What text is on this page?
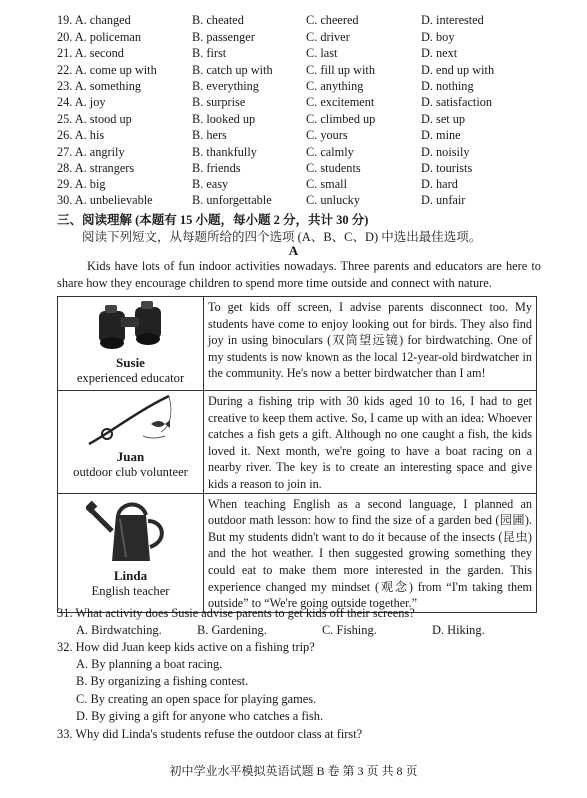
19. A. changed	B. cheated	C. cheered	D. interested
20. A. policeman	B. passenger	C. driver	D. boy
21. A. second	B. first	C. last	D. next
22. A. come up with	B. catch up with	C. fill up with	D. end up with
23. A. something	B. everything	C. anything	D. nothing
24. A. joy	B. surprise	C. excitement	D. satisfaction
25. A. stood up	B. looked up	C. climbed up	D. set up
26. A. his	B. hers	C. yours	D. mine
27. A. angrily	B. thankfully	C. calmly	D. noisily
28. A. strangers	B. friends	C. students	D. tourists
29. A. big	B. easy	C. small	D. hard
30. A. unbelievable	B. unforgettable	C. unlucky	D. unfair
三、阅读理解 (本题有 15 小题，每小题 2 分，共计 30 分)
阅读下列短文，从每题所给的四个选项 (A、B、C、D) 中选出最佳选项。
A
Kids have lots of fun indoor activities nowadays. Three parents and educators are here to share how they encourage children to spend more time outside and connect with nature.
Susie
experienced educator	To get kids off screen, I advise parents disconnect too. My students have come to enjoy looking out for birds. They also find joy in using binoculars (双筒望远镜) for birdwatching. One of my students is now known as the local 12-year-old birdwatcher in the community. He's now a better birdwatcher than I am!

Juan
outdoor club volunteer	During a fishing trip with 30 kids aged 10 to 16, I had to get creative to keep them active. So, I came up with an idea: Whoever catches a fish gets a gift. Although no one caught a fish, the kids loved it. Next month, we're going to have a boat racing on a nearby river. The key is to create an interesting space and give kids a reason to join in.

Linda
English teacher	When teaching English as a second language, I planned an outdoor math lesson: how to find the size of a garden bed (园圃). But my students didn't want to do it because of the insects (昆虫) and the hot weather. I then suggested growing something they could eat to make them more interested in the garden. This experience changed my mindset (观念) from “I'm taking them outside” to “We're going outside together.”
31. What activity does Susie advise parents to get kids off their screens?
A. Birdwatching.	B. Gardening.	C. Fishing.	D. Hiking.
32. How did Juan keep kids active on a fishing trip?
A. By planning a boat racing.
B. By organizing a fishing contest.
C. By creating an open space for playing games.
D. By giving a gift for anyone who catches a fish.
33. Why did Linda's students refuse the outdoor class at first?
初中学业水平模拟英语试题 B 卷 第 3 页 共 8 页
